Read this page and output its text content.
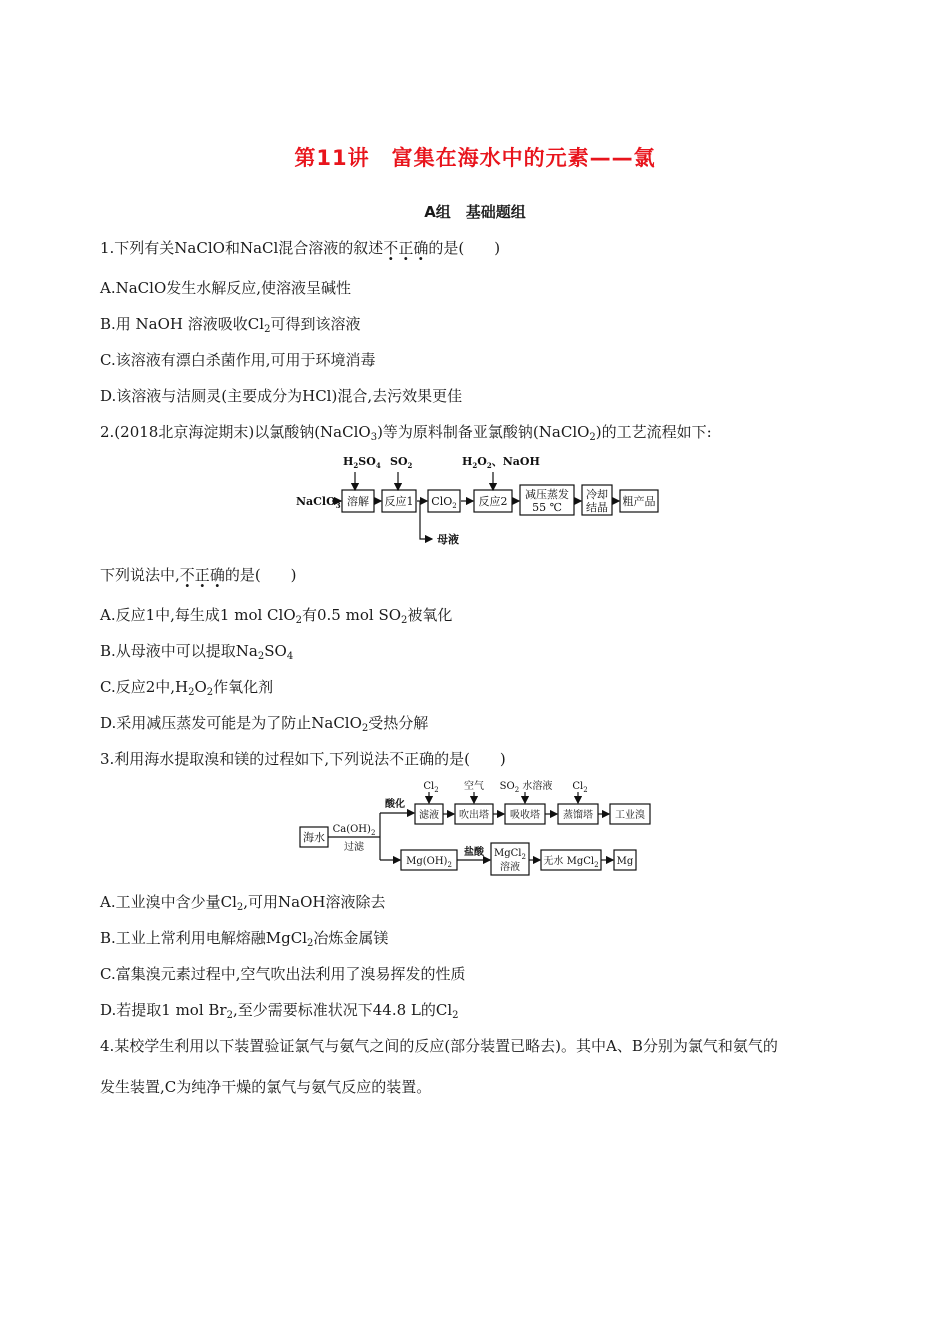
第11讲　富集在海水中的元素——氯
A组　基础题组
1.下列有关NaClO和NaCl混合溶液的叙述不正确的是(　　)
A.NaClO发生水解反应,使溶液呈碱性
B.用 NaOH 溶液吸收$Cl_2$可得到该溶液
C.该溶液有漂白杀菌作用,可用于环境消毒
D.该溶液与洁厕灵(主要成分为HCl)混合,去污效果更佳
2.(2018北京海淀期末)以氯酸钠(NaClO$_3$)等为原料制备亚氯酸钠(NaClO$_2$)的工艺流程如下:
NaClO$_3$
$H_2SO_4$ $SO_2$	$H_2O_2$、NaOH
溶解 反应1 ClO$_2$ 反应2
减压蒸发
55 ℃
冷却
结晶 粗产品
母液
下列说法中,不正确的是(　　)
A.反应1中,每生成1 mol ClO$_2$有0.5 mol $SO_2$被氧化
B.从母液中可以提取$Na_2SO_4$
C.反应2中$,H_2O_2$作氧化剂
D.采用减压蒸发可能是为了防止NaClO$_2$受热分解
3.利用海水提取溴和镁的过程如下,下列说法不正确的是(　　)
海水
$Ca(OH)_2$
过滤
酸化
滤液 吹出塔 吸收塔 蒸馏塔 工业溴
$Cl_2$	空气 $SO_2$ 水溶液 $Cl_2$
$Mg(OH)_2$
盐酸 MgCl$_2$
溶液
无水 MgCl$_2$ Mg
A.工业溴中含少量$Cl_2$,可用NaOH溶液除去
B.工业上常利用电解熔融MgCl$_2$冶炼金属镁
C.富集溴元素过程中,空气吹出法利用了溴易挥发的性质
D.若提取1 mol $Br_2$,至少需要标准状况下44.8 L的$Cl_2$
4.某校学生利用以下装置验证氯气与氨气之间的反应(部分装置已略去)。其中A、B分别为氯气和氨气的
发生装置,C为纯净干燥的氯气与氨气反应的装置。
